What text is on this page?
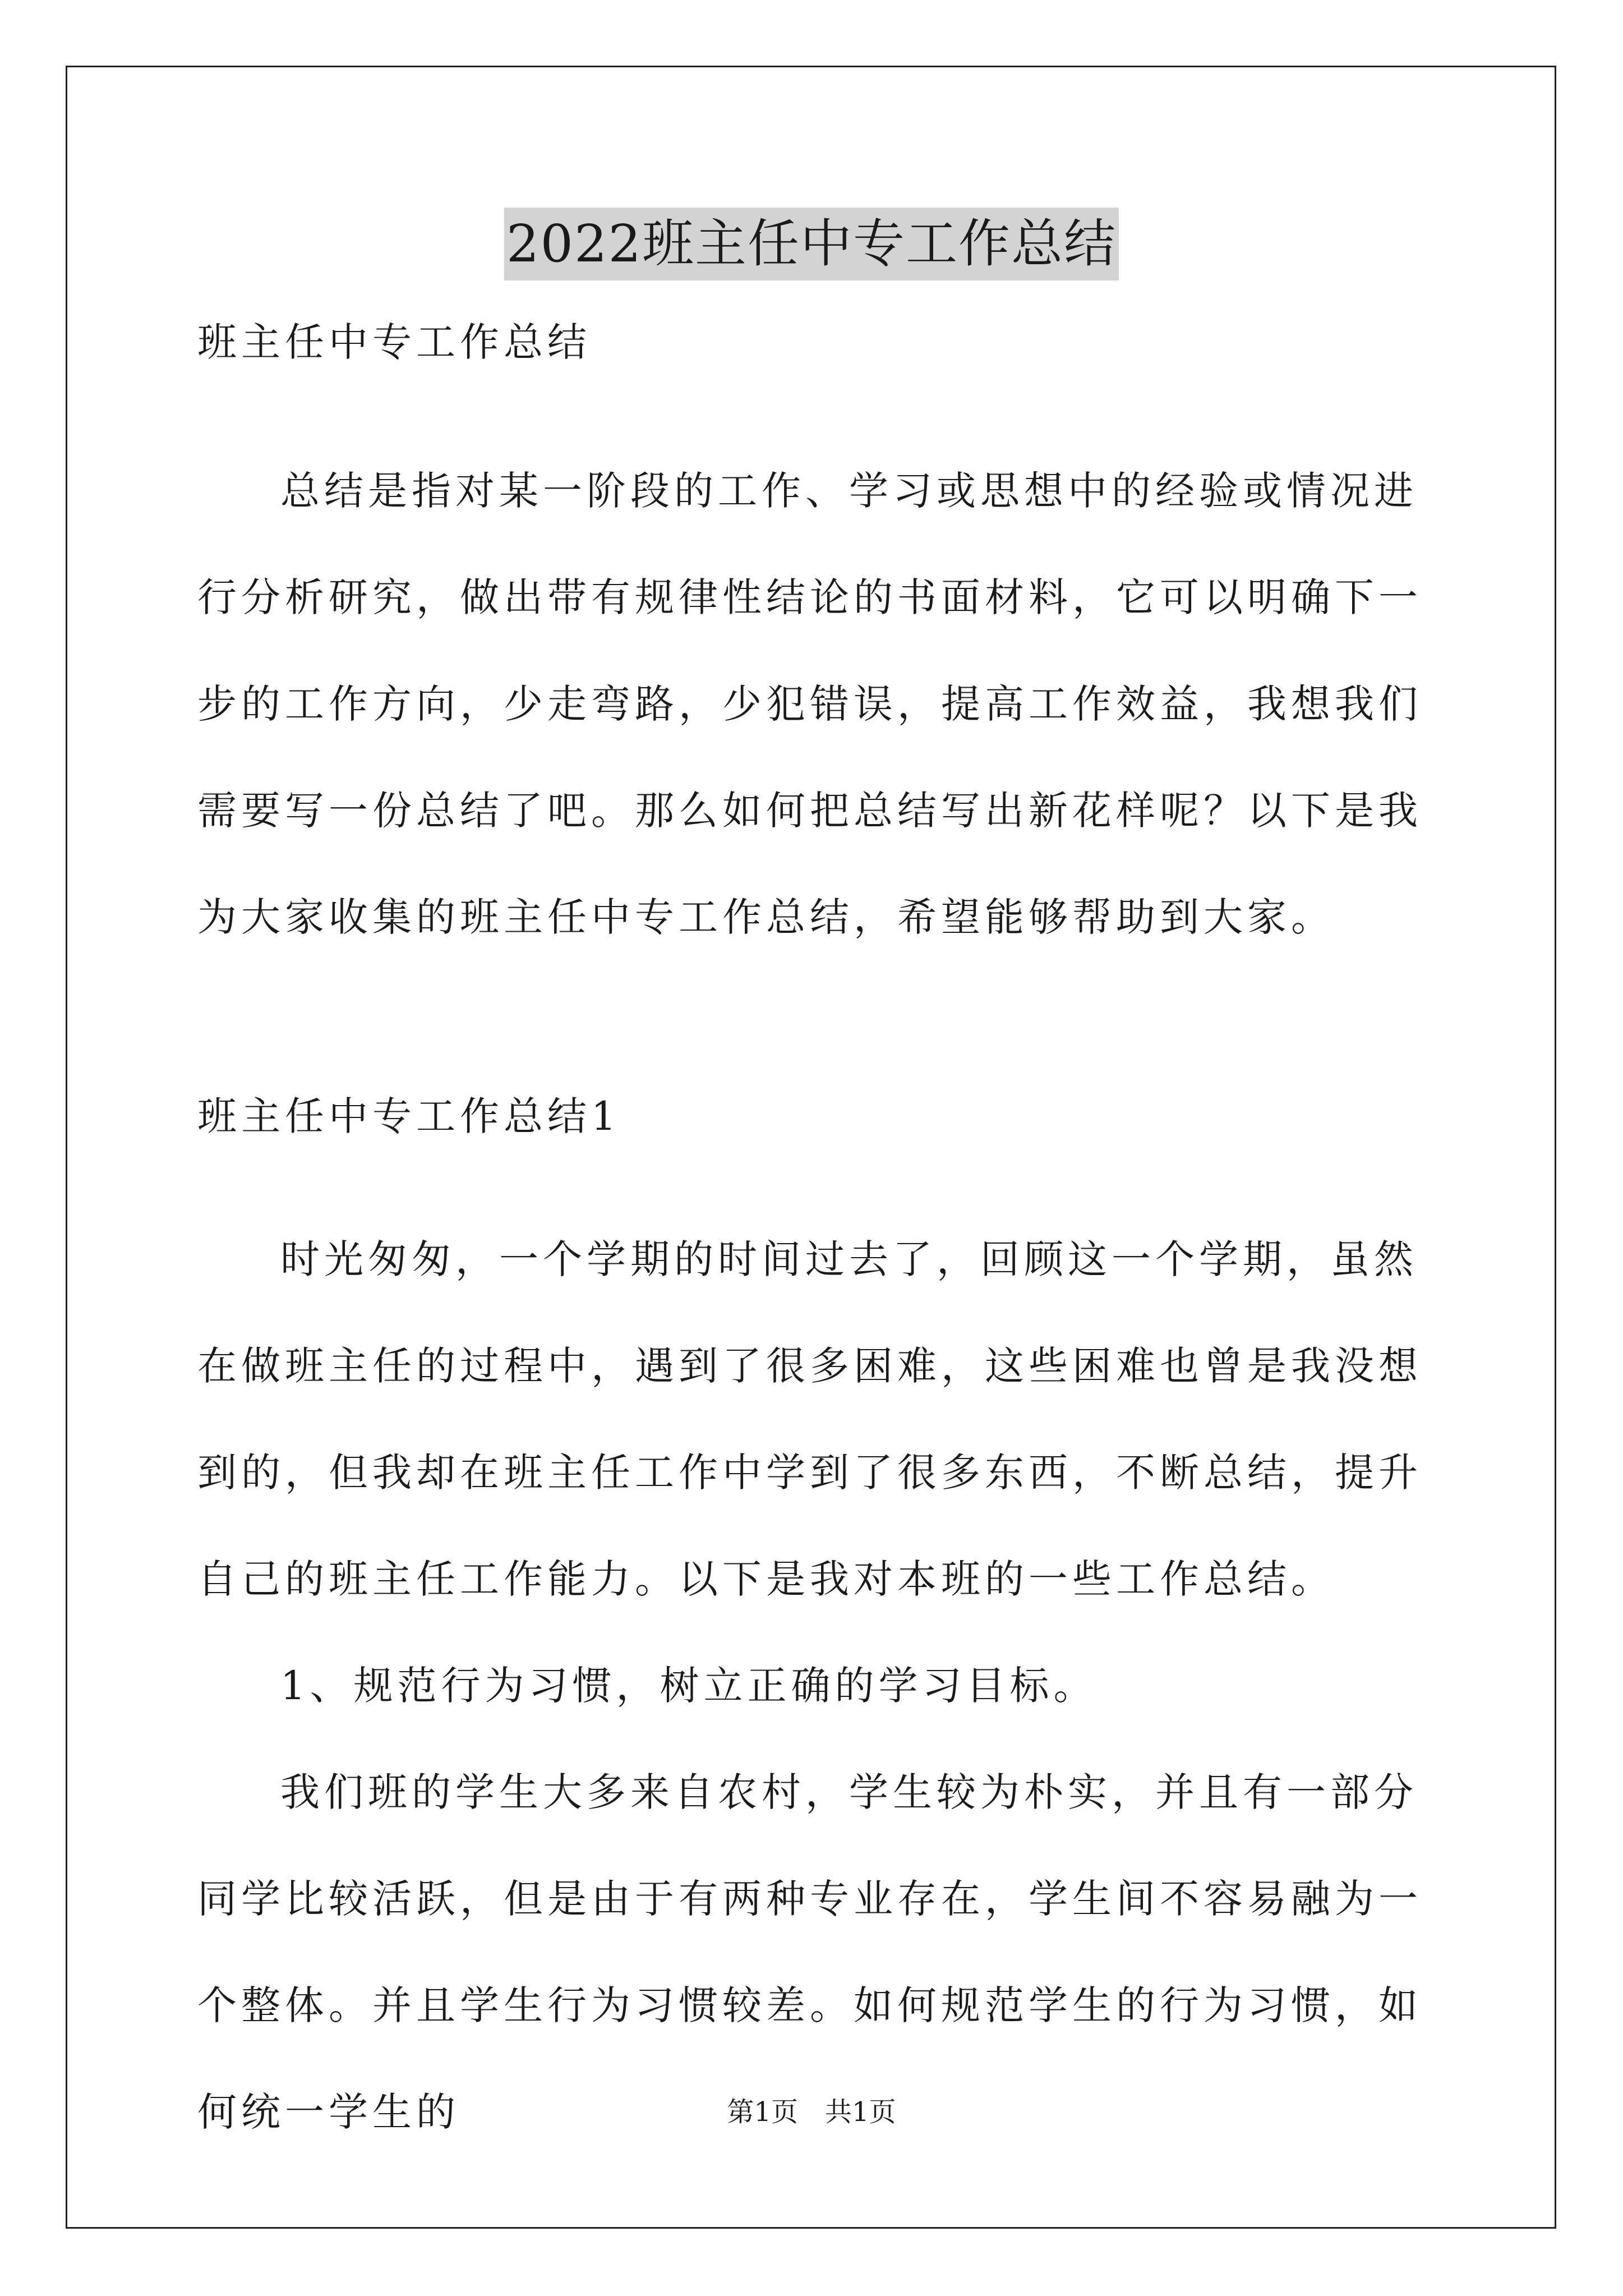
2022班主任中专工作总结

班主任中专工作总结

总结是指对某一阶段的工作、学习或思想中的经验或情况进行分析研究，做出带有规律性结论的书面材料，它可以明确下一步的工作方向，少走弯路，少犯错误，提高工作效益，我想我们需要写一份总结了吧。那么如何把总结写出新花样呢？以下是我为大家收集的班主任中专工作总结，希望能够帮助到大家。

班主任中专工作总结1

时光匆匆，一个学期的时间过去了，回顾这一个学期，虽然在做班主任的过程中，遇到了很多困难，这些困难也曾是我没想到的，但我却在班主任工作中学到了很多东西，不断总结，提升自己的班主任工作能力。以下是我对本班的一些工作总结。

1、规范行为习惯，树立正确的学习目标。

我们班的学生大多来自农村，学生较为朴实，并且有一部分同学比较活跃，但是由于有两种专业存在，学生间不容易融为一个整体。并且学生行为习惯较差。如何规范学生的行为习惯，如何统一学生的	第1页　共1页
